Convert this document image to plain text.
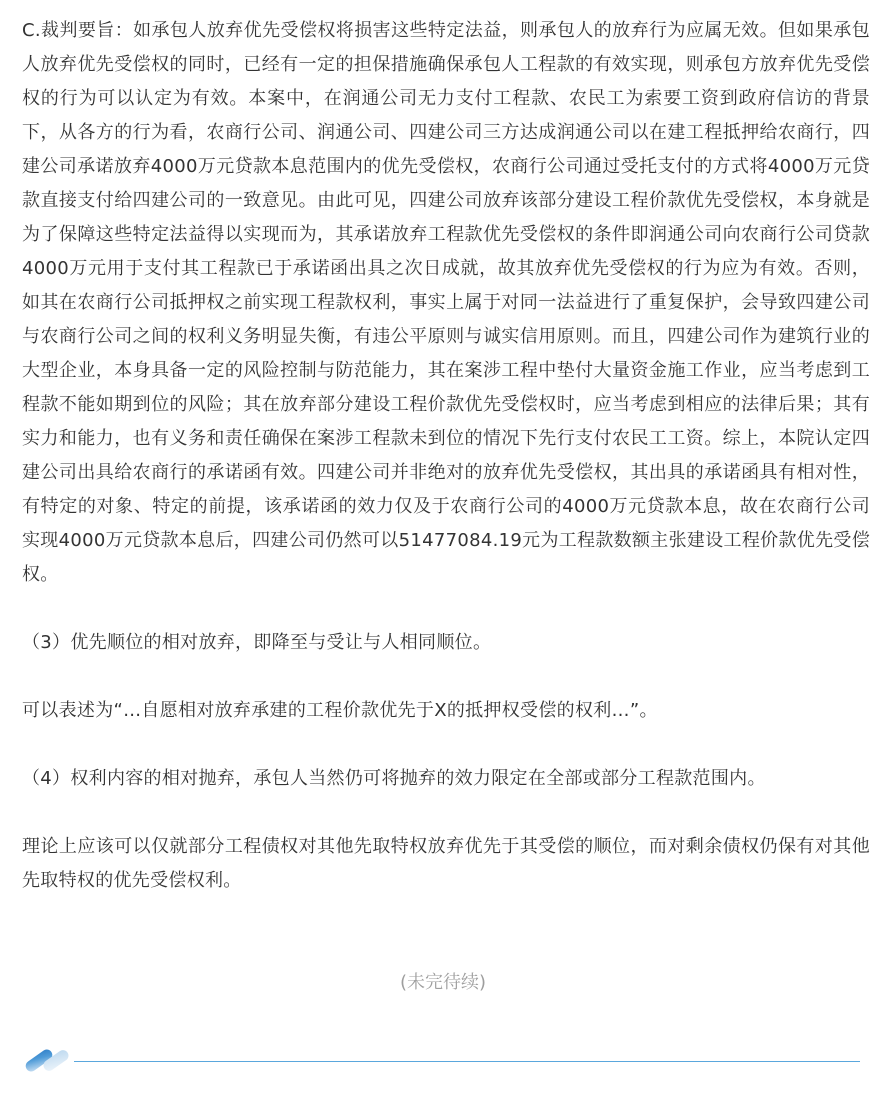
C.裁判要旨：如承包人放弃优先受偿权将损害这些特定法益，则承包人的放弃行为应属无效。但如果承包人放弃优先受偿权的同时，已经有一定的担保措施确保承包人工程款的有效实现，则承包方放弃优先受偿权的行为可以认定为有效。本案中，在润通公司无力支付工程款、农民工为索要工资到政府信访的背景下，从各方的行为看，农商行公司、润通公司、四建公司三方达成润通公司以在建工程抵押给农商行，四建公司承诺放弃4000万元贷款本息范围内的优先受偿权，农商行公司通过受托支付的方式将4000万元贷款直接支付给四建公司的一致意见。由此可见，四建公司放弃该部分建设工程价款优先受偿权，本身就是为了保障这些特定法益得以实现而为，其承诺放弃工程款优先受偿权的条件即润通公司向农商行公司贷款4000万元用于支付其工程款已于承诺函出具之次日成就，故其放弃优先受偿权的行为应为有效。否则，如其在农商行公司抵押权之前实现工程款权利，事实上属于对同一法益进行了重复保护，会导致四建公司与农商行公司之间的权利义务明显失衡，有违公平原则与诚实信用原则。而且，四建公司作为建筑行业的大型企业，本身具备一定的风险控制与防范能力，其在案涉工程中垫付大量资金施工作业，应当考虑到工程款不能如期到位的风险；其在放弃部分建设工程价款优先受偿权时，应当考虑到相应的法律后果；其有实力和能力，也有义务和责任确保在案涉工程款未到位的情况下先行支付农民工工资。综上，本院认定四建公司出具给农商行的承诺函有效。四建公司并非绝对的放弃优先受偿权，其出具的承诺函具有相对性，有特定的对象、特定的前提，该承诺函的效力仅及于农商行公司的4000万元贷款本息，故在农商行公司实现4000万元贷款本息后，四建公司仍然可以51477084.19元为工程款数额主张建设工程价款优先受偿权。

（3）优先顺位的相对放弃，即降至与受让与人相同顺位。

可以表述为“…自愿相对放弃承建的工程价款优先于X的抵押权受偿的权利…”。

（4）权利内容的相对抛弃，承包人当然仍可将抛弃的效力限定在全部或部分工程款范围内。

理论上应该可以仅就部分工程债权对其他先取特权放弃优先于其受偿的顺位，而对剩余债权仍保有对其他先取特权的优先受偿权利。

(未完待续)
